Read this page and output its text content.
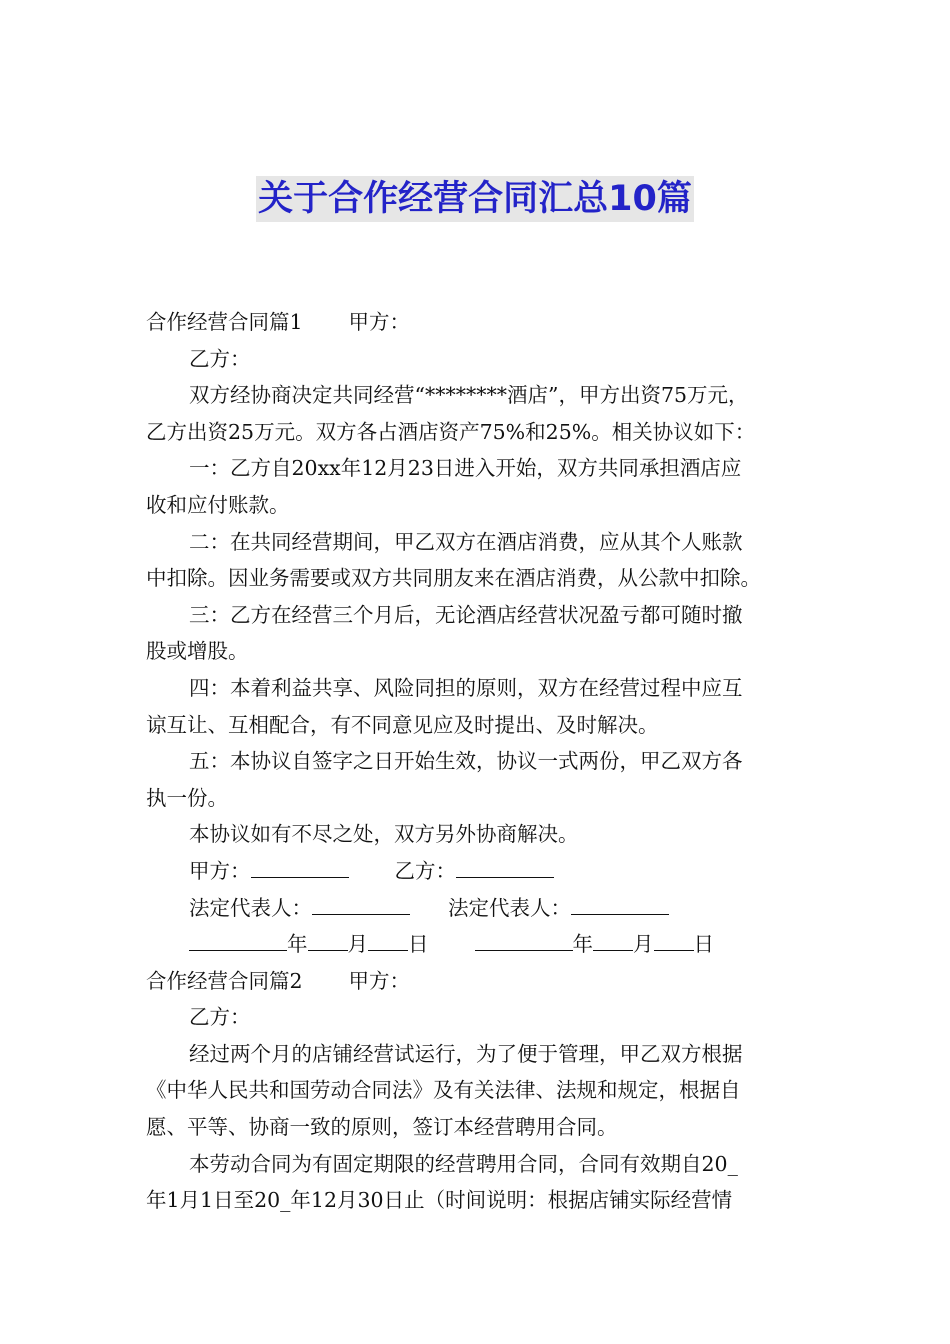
关于合作经营合同汇总10篇
合作经营合同篇1 甲方：
乙方：
双方经协商决定共同经营“********酒店”，甲方出资75万元，
乙方出资25万元。双方各占酒店资产75%和25%。相关协议如下：
一：乙方自20xx年12月23日进入开始，双方共同承担酒店应
收和应付账款。
二：在共同经营期间，甲乙双方在酒店消费，应从其个人账款
中扣除。因业务需要或双方共同朋友来在酒店消费，从公款中扣除。
三：乙方在经营三个月后，无论酒店经营状况盈亏都可随时撤
股或增股。
四：本着利益共享、风险同担的原则，双方在经营过程中应互
谅互让、互相配合，有不同意见应及时提出、及时解决。
五：本协议自签字之日开始生效，协议一式两份，甲乙双方各
执一份。
本协议如有不尽之处，双方另外协商解决。
甲方：	乙方：
法定代表人：	法定代表人：
年 月 日	年 月 日
合作经营合同篇2 甲方：
乙方：
经过两个月的店铺经营试运行，为了便于管理，甲乙双方根据
《中华人民共和国劳动合同法》及有关法律、法规和规定，根据自
愿、平等、协商一致的原则，签订本经营聘用合同。
本劳动合同为有固定期限的经营聘用合同，合同有效期自20_
年1月1日至20_年12月30日止（时间说明：根据店铺实际经营情
